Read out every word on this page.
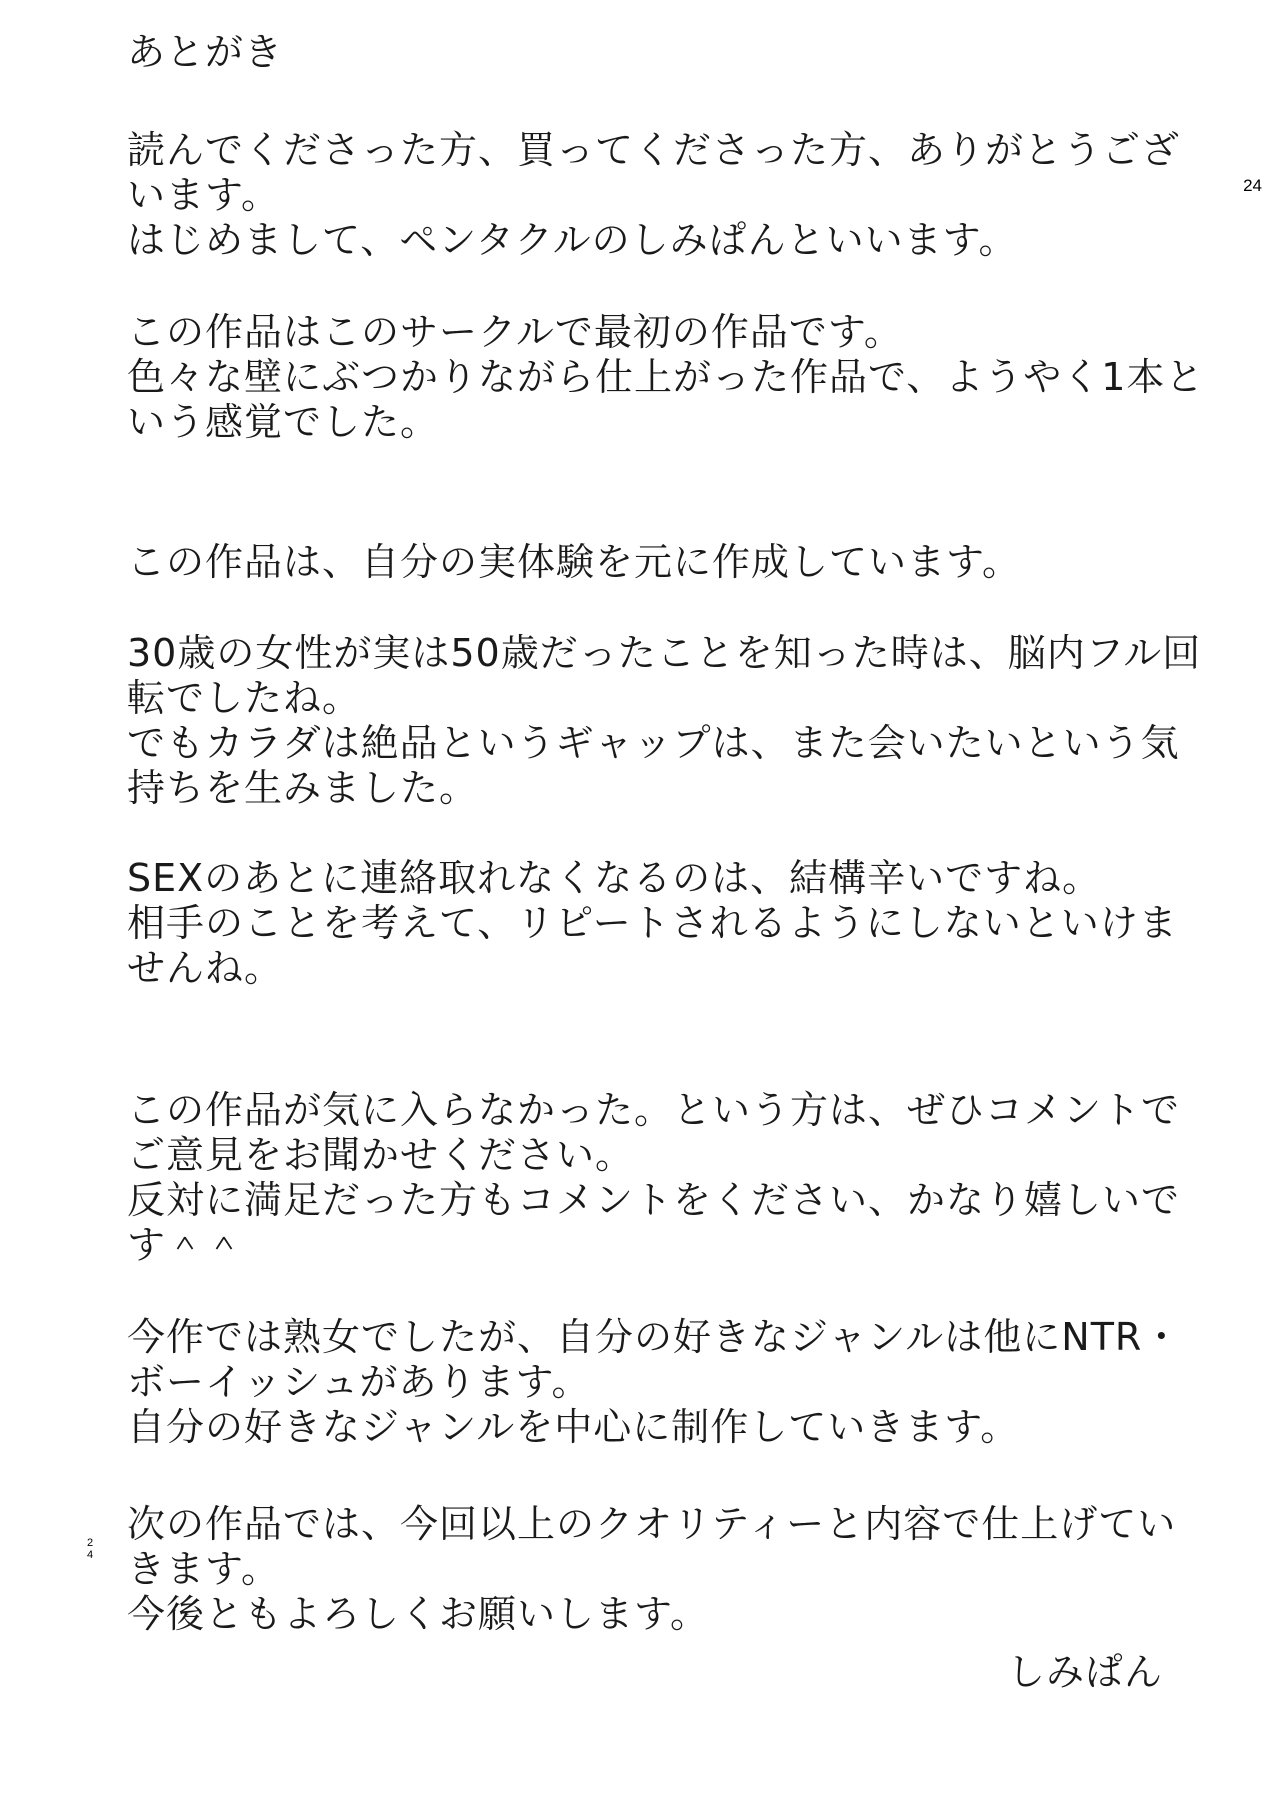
あとがき
24
読んでくださった方、買ってくださった方、ありがとうござ
います。
はじめまして、ペンタクルのしみぱんといいます。
この作品はこのサークルで最初の作品です。
色々な壁にぶつかりながら仕上がった作品で、ようやく1本と
いう感覚でした。
この作品は、自分の実体験を元に作成しています。
30歳の女性が実は50歳だったことを知った時は、脳内フル回
転でしたね。
でもカラダは絶品というギャップは、また会いたいという気
持ちを生みました。
SEXのあとに連絡取れなくなるのは、結構辛いですね。
相手のことを考えて、リピートされるようにしないといけま
せんね。
この作品が気に入らなかった。という方は、ぜひコメントで
ご意見をお聞かせください。
反対に満足だった方もコメントをください、かなり嬉しいで
す＾＾
今作では熟女でしたが、自分の好きなジャンルは他にNTR・
ボーイッシュがあります。
自分の好きなジャンルを中心に制作していきます。
次の作品では、今回以上のクオリティーと内容で仕上げてい
きます。
今後ともよろしくお願いします。
24
しみぱん
